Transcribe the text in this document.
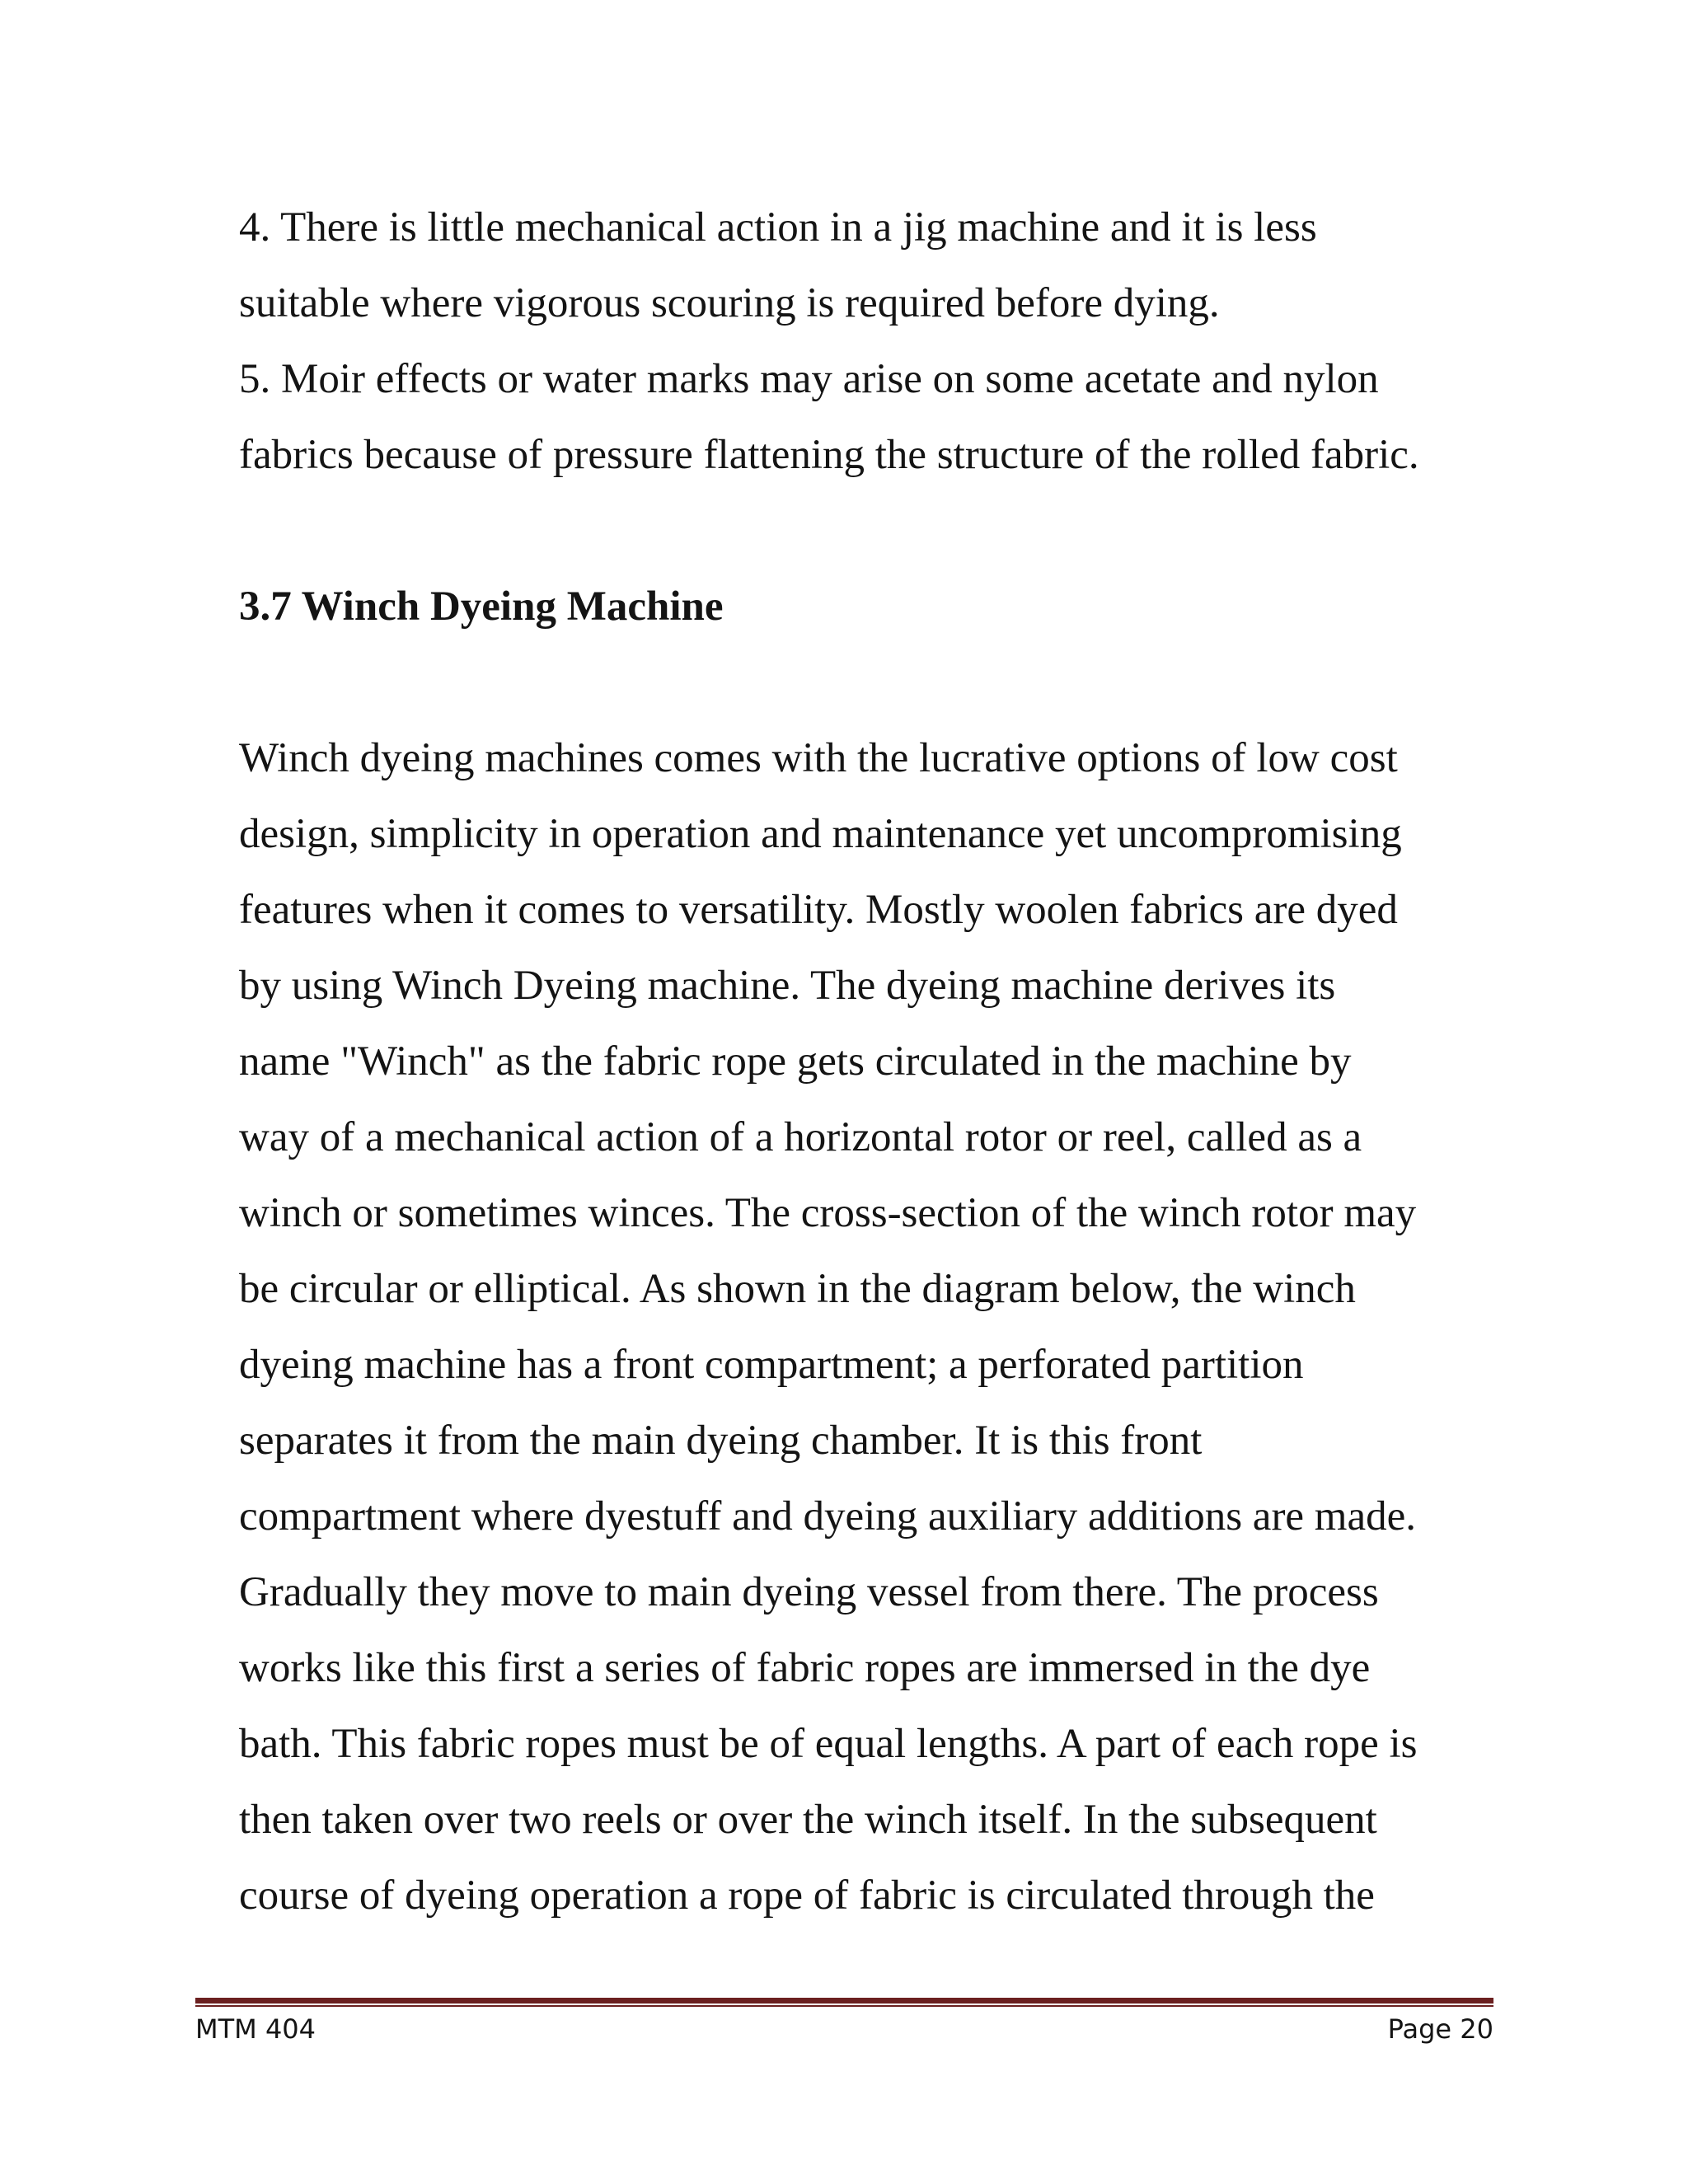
4. There is little mechanical action in a jig machine and it is less
suitable where vigorous scouring is required before dying.
5. Moir effects or water marks may arise on some acetate and nylon
fabrics because of pressure flattening the structure of the rolled fabric.
3.7 Winch Dyeing Machine
Winch dyeing machines comes with the lucrative options of low cost
design, simplicity in operation and maintenance yet uncompromising
features when it comes to versatility. Mostly woolen fabrics are dyed
by using Winch Dyeing machine. The dyeing machine derives its
name "Winch" as the fabric rope gets circulated in the machine by
way of a mechanical action of a horizontal rotor or reel, called as a
winch or sometimes winces. The cross-section of the winch rotor may
be circular or elliptical. As shown in the diagram below, the winch
dyeing machine has a front compartment; a perforated partition
separates it from the main dyeing chamber. It is this front
compartment where dyestuff and dyeing auxiliary additions are made.
Gradually they move to main dyeing vessel from there. The process
works like this first a series of fabric ropes are immersed in the dye
bath. This fabric ropes must be of equal lengths. A part of each rope is
then taken over two reels or over the winch itself. In the subsequent
course of dyeing operation a rope of fabric is circulated through the
MTM 404	Page 20
